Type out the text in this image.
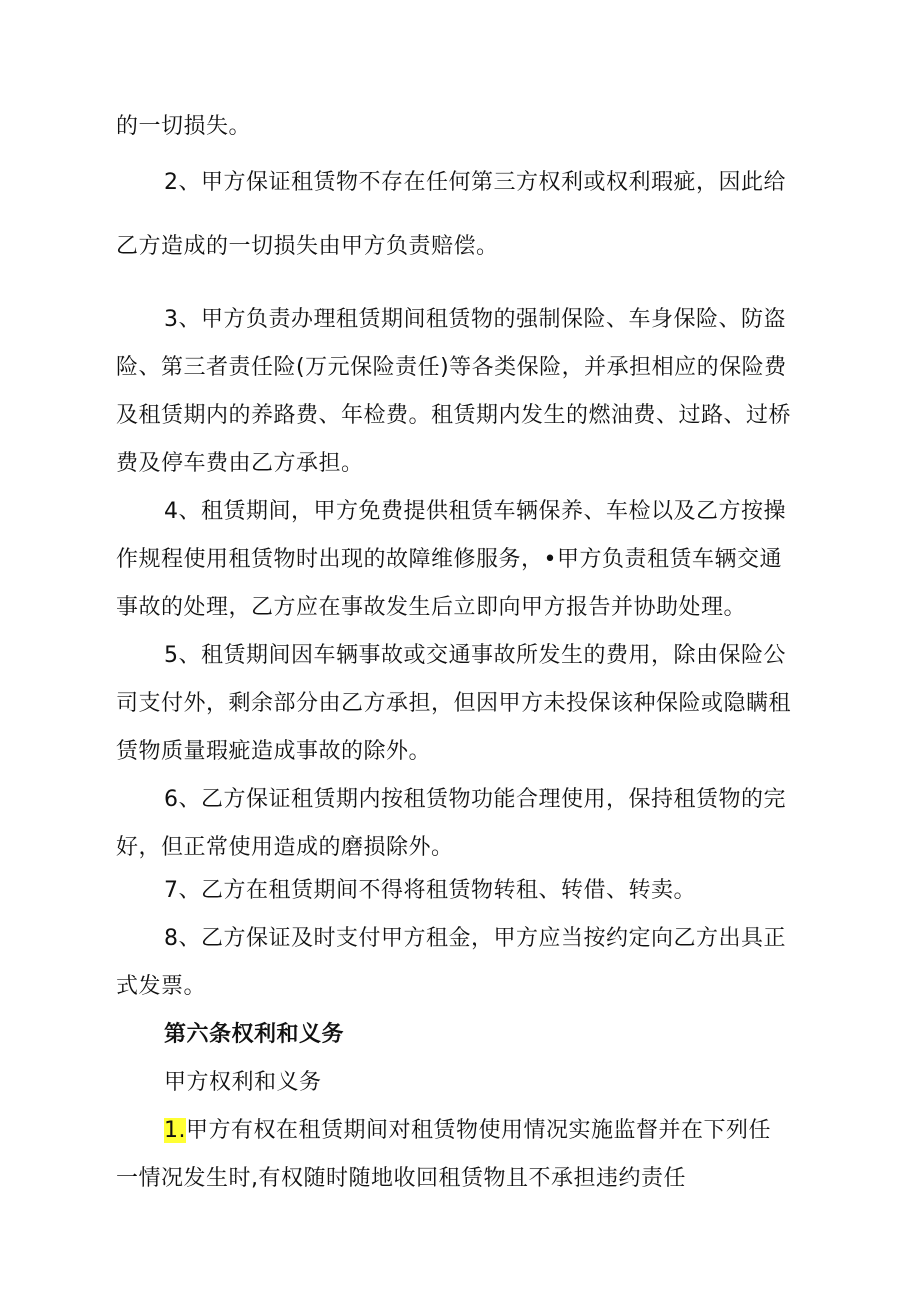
的一切损失。
2、甲方保证租赁物不存在任何第三方权利或权利瑕疵，因此给
乙方造成的一切损失由甲方负责赔偿。
3、甲方负责办理租赁期间租赁物的强制保险、车身保险、防盗
险、第三者责任险(万元保险责任)等各类保险，并承担相应的保险费
及租赁期内的养路费、年检费。租赁期内发生的燃油费、过路、过桥
费及停车费由乙方承担。
4、租赁期间，甲方免费提供租赁车辆保养、车检以及乙方按操
作规程使用租赁物时出现的故障维修服务，•甲方负责租赁车辆交通
事故的处理，乙方应在事故发生后立即向甲方报告并协助处理。
5、租赁期间因车辆事故或交通事故所发生的费用，除由保险公
司支付外，剩余部分由乙方承担，但因甲方未投保该种保险或隐瞒租
赁物质量瑕疵造成事故的除外。
6、乙方保证租赁期内按租赁物功能合理使用，保持租赁物的完
好，但正常使用造成的磨损除外。
7、乙方在租赁期间不得将租赁物转租、转借、转卖。
8、乙方保证及时支付甲方租金，甲方应当按约定向乙方出具正
式发票。
第六条权利和义务
甲方权利和义务
1.甲方有权在租赁期间对租赁物使用情况实施监督并在下列任
一情况发生时,有权随时随地收回租赁物且不承担违约责任
